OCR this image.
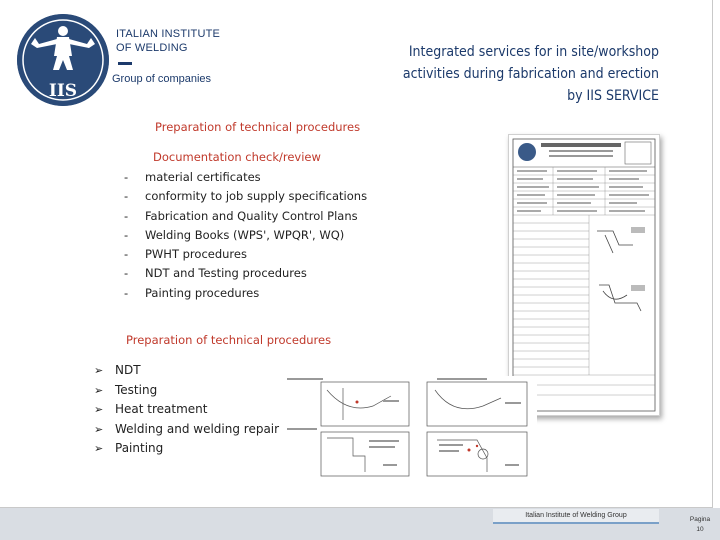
IIS
ITALIAN INSTITUTE
OF WELDING
Group of companies
Integrated services for in site/workshop
activities during fabrication and erection
by IIS SERVICE
Preparation of technical procedures
Documentation check/review
- material certificates
- conformity to job supply specifications
- Fabrication and Quality Control Plans
- Welding Books (WPS', WPQR', WQ)
- PWHT procedures
- NDT and Testing procedures
- Painting procedures
Preparation of technical procedures
➢ NDT
➢ Testing
➢ Heat treatment
➢ Welding and welding repair
➢ Painting
Italian Institute of Welding Group
Pagina
10
